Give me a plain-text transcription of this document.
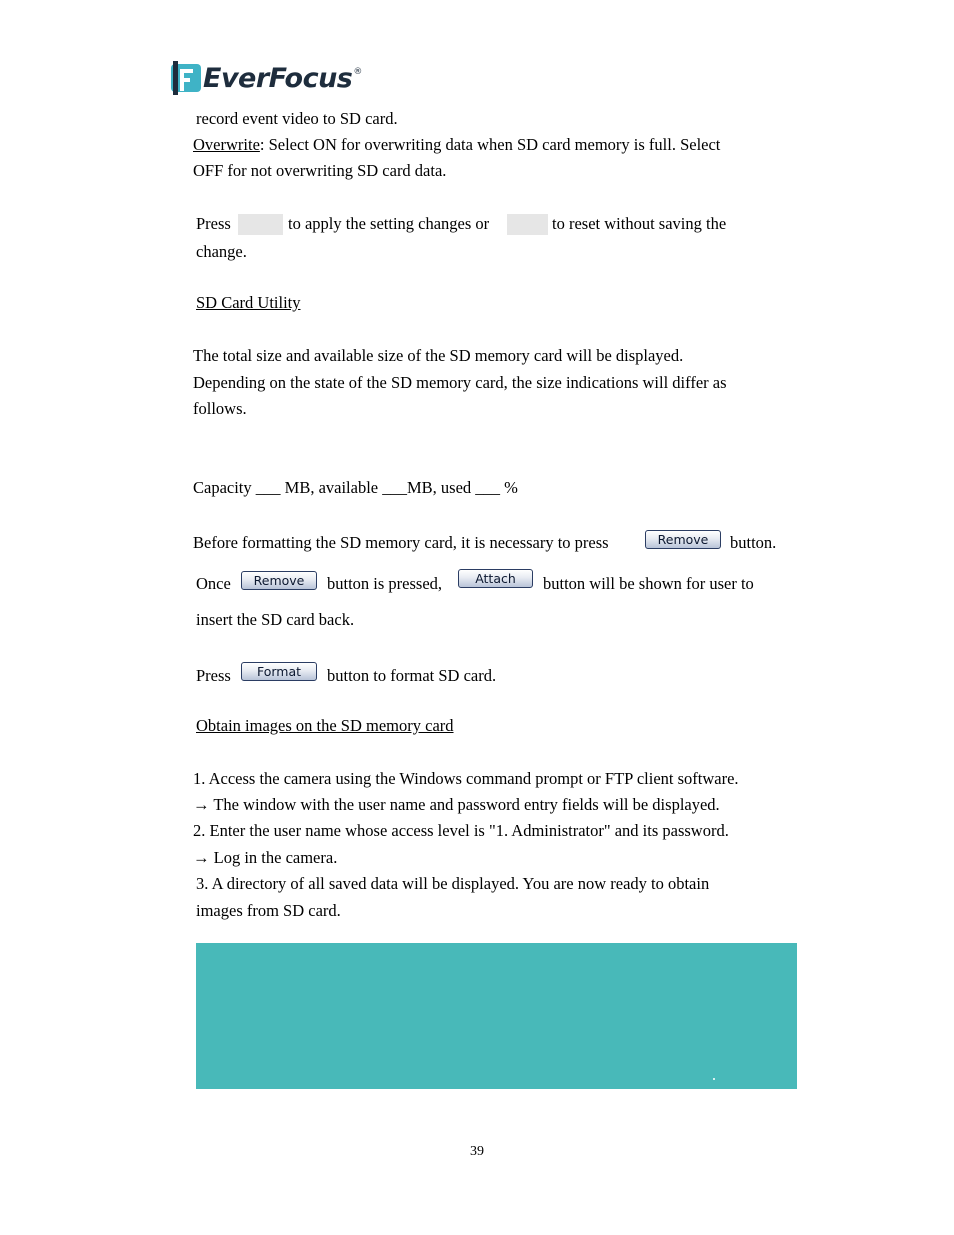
EverFocus ®
record event video to SD card.
Overwrite: Select ON for overwriting data when SD card memory is full. Select
OFF for not overwriting SD card data.
Press	to apply the setting changes or	to reset without saving the
change.
SD Card Utility
The total size and available size of the SD memory card will be displayed.
Depending on the state of the SD memory card, the size indications will differ as
follows.
Capacity ___ MB, available ___MB, used ___ %
Before formatting the SD memory card, it is necessary to press	Remove	button.
Once	Remove	button is pressed,	Attach	button will be shown for user to
insert the SD card back.
Press	Format	button to format SD card.
Obtain images on the SD memory card
1. Access the camera using the Windows command prompt or FTP client software.
→ The window with the user name and password entry fields will be displayed.
2. Enter the user name whose access level is "1. Administrator" and its password.
→ Log in the camera.
3. A directory of all saved data will be displayed. You are now ready to obtain
images from SD card.
39
